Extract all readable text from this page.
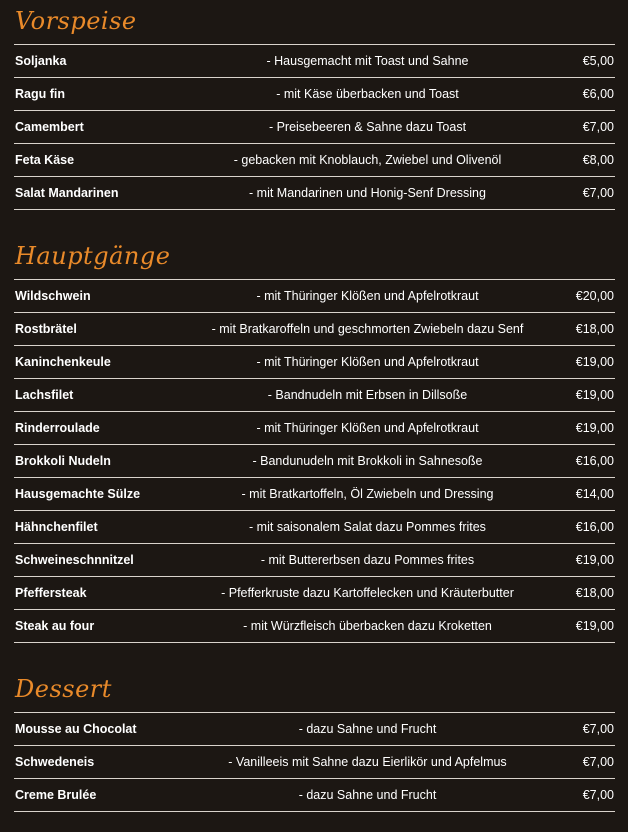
Vorspeise
Soljanka	- Hausgemacht mit Toast und Sahne	€5,00
Ragu fin	- mit Käse überbacken und Toast	€6,00
Camembert	- Preisebeeren & Sahne dazu Toast	€7,00
Feta Käse	- gebacken mit Knoblauch, Zwiebel und Olivenöl	€8,00
Salat Mandarinen	- mit Mandarinen und Honig-Senf Dressing	€7,00
Hauptgänge
Wildschwein	- mit Thüringer Klößen und Apfelrotkraut	€20,00
Rostbrätel	- mit Bratkaroffeln und geschmorten Zwiebeln dazu Senf	€18,00
Kaninchenkeule	- mit Thüringer Klößen und Apfelrotkraut	€19,00
Lachsfilet	- Bandnudeln mit Erbsen in Dillsoße	€19,00
Rinderroulade	- mit Thüringer Klößen und Apfelrotkraut	€19,00
Brokkoli Nudeln	- Bandunudeln mit Brokkoli in Sahnesoße	€16,00
Hausgemachte Sülze	- mit Bratkartoffeln, Öl Zwiebeln und Dressing	€14,00
Hähnchenfilet	- mit saisonalem Salat dazu Pommes frites	€16,00
Schweineschnnitzel	- mit Buttererbsen dazu Pommes frites	€19,00
Pfeffersteak	- Pfefferkruste dazu Kartoffelecken und Kräuterbutter	€18,00
Steak au four	- mit Würzfleisch überbacken dazu Kroketten	€19,00
Dessert
Mousse au Chocolat	- dazu Sahne und Frucht	€7,00
Schwedeneis	- Vanilleeis mit Sahne dazu Eierlikör und Apfelmus	€7,00
Creme Brulée	- dazu Sahne und Frucht	€7,00
